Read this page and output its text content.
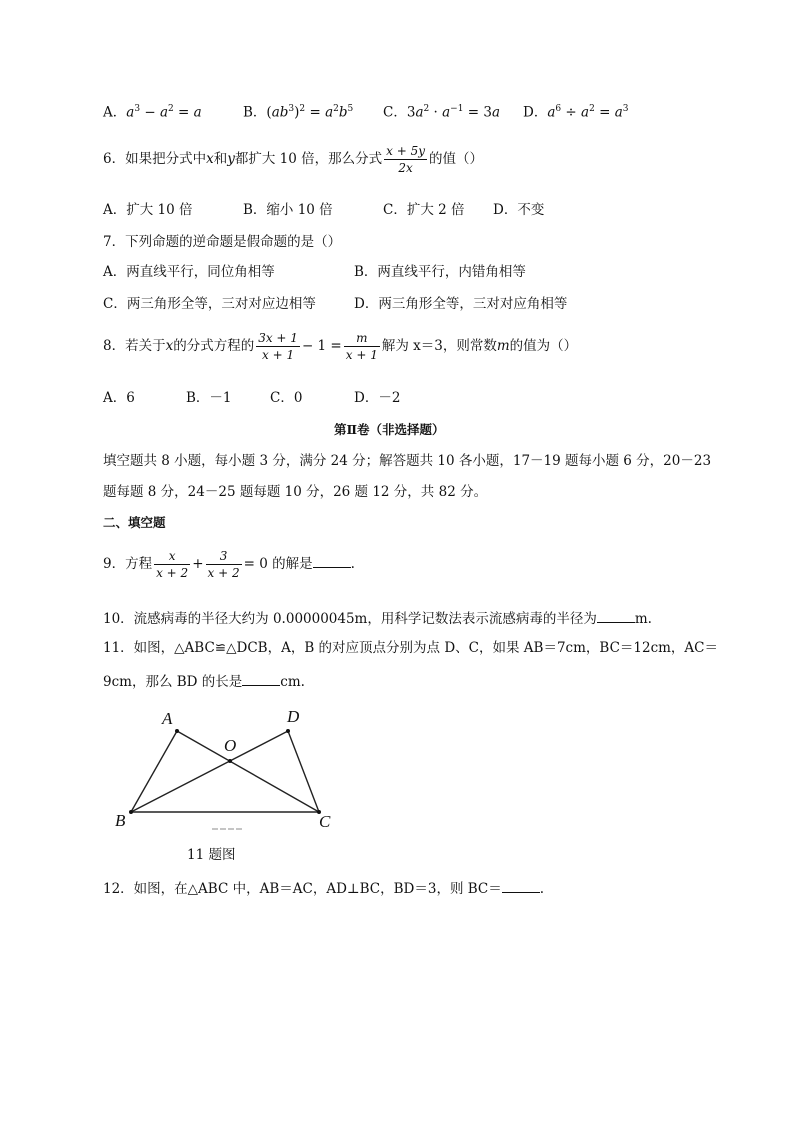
A．$a^3 - a^2 = a$	B．$(ab^3)^2 = a^2b^5$ C．$3a^2 \cdot a^{-1} = 3a$ D．$a^6 \div a^2 = a^3$
6．如果把分式中x和y都扩大 10 倍，那么分式 $\frac{x + 5y}{2x}$ 的值（）
A．扩大 10 倍	B．缩小 10 倍	C．扩大 2 倍 D．不变
7．下列命题的逆命题是假命题的是（）
A．两直线平行，同位角相等	B．两直线平行，内错角相等
C．两三角形全等，三对对应边相等	D．两三角形全等，三对对应角相等
8．若关于x的分式方程的 $\frac{3x + 1}{x + 1} - 1 = \frac{m}{x + 1}$ 解为 x＝3，则常数m的值为（）
A．6	B．－1	C．0	D．－2
第Ⅱ卷（非选择题）
填空题共 8 小题，每小题 3 分，满分 24 分；解答题共 10 各小题，17－19 题每小题 6 分，20－23
题每题 8 分，24－25 题每题 10 分，26 题 12 分，共 82 分。
二、填空题
9．方程 $\frac{x}{x + 2} + \frac{3}{x + 2} = 0$ 的解是	.
10．流感病毒的半径大约为 0.00000045m，用科学记数法表示流感病毒的半径为	m.
11．如图，△ABC≌△DCB，A，B 的对应顶点分别为点 D、C，如果 AB＝7cm，BC＝12cm，AC＝
9cm，那么 BD 的长是	cm.
A
B	C
D
O
11 题图
12．如图，在△ABC 中，AB＝AC，AD⊥BC，BD＝3，则 BC＝	.
